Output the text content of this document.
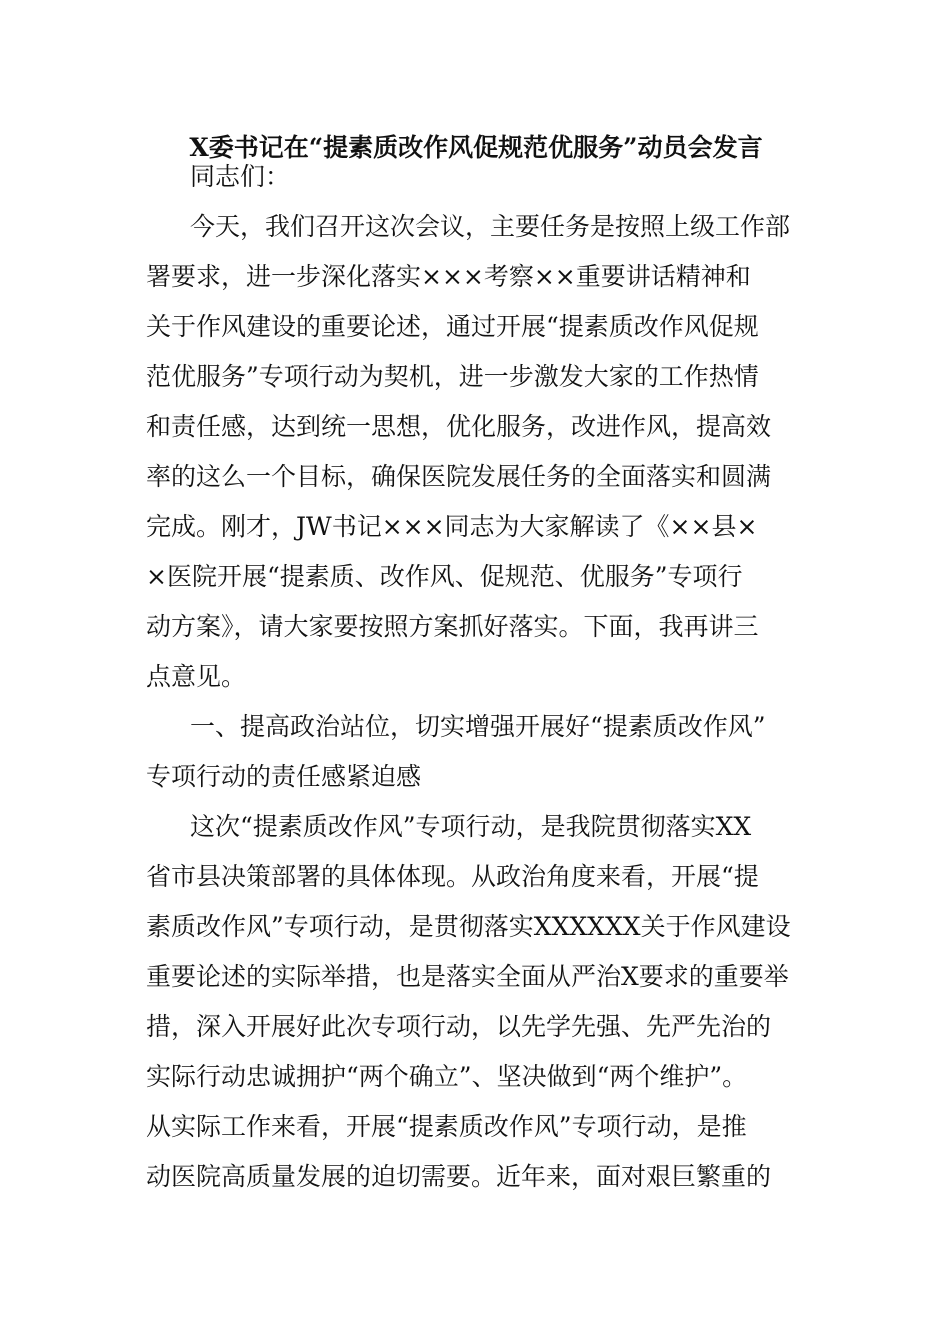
X委书记在“提素质改作风促规范优服务”动员会发言
同志们：
今天，我们召开这次会议，主要任务是按照上级工作部
署要求，进一步深化落实×××考察××重要讲话精神和
关于作风建设的重要论述，通过开展“提素质改作风促规
范优服务”专项行动为契机，进一步激发大家的工作热情
和责任感，达到统一思想，优化服务，改进作风，提高效
率的这么一个目标，确保医院发展任务的全面落实和圆满
完成。刚才，JW书记×××同志为大家解读了《××县×
×医院开展“提素质、改作风、促规范、优服务”专项行
动方案》，请大家要按照方案抓好落实。下面，我再讲三
点意见。
一、提高政治站位，切实增强开展好“提素质改作风”
专项行动的责任感紧迫感
这次“提素质改作风”专项行动，是我院贯彻落实XX
省市县决策部署的具体体现。从政治角度来看，开展“提
素质改作风”专项行动，是贯彻落实XXXXXX关于作风建设
重要论述的实际举措，也是落实全面从严治X要求的重要举
措，深入开展好此次专项行动，以先学先强、先严先治的
实际行动忠诚拥护“两个确立”、坚决做到“两个维护”。
从实际工作来看，开展“提素质改作风”专项行动，是推
动医院高质量发展的迫切需要。近年来，面对艰巨繁重的
